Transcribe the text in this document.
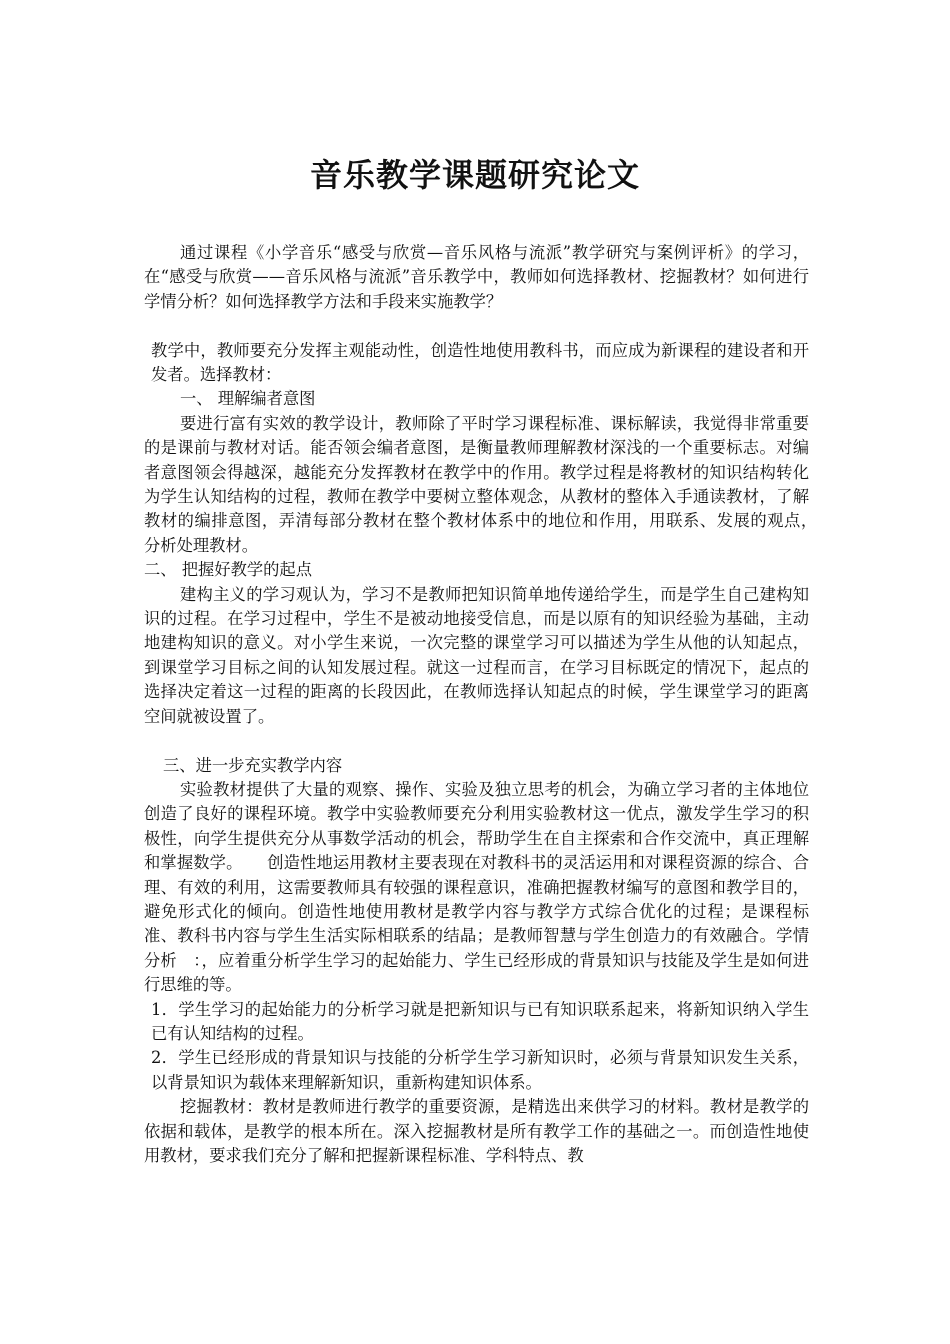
音乐教学课题研究论文

通过课程《小学音乐“感受与欣赏—音乐风格与流派”教学研究与案例评析》的学习，在“感受与欣赏——音乐风格与流派”音乐教学中，教师如何选择教材、挖掘教材？如何进行学情分析？如何选择教学方法和手段来实施教学？

教学中，教师要充分发挥主观能动性，创造性地使用教科书，而应成为新课程的建设者和开发者。选择教材：

一、 理解编者意图

要进行富有实效的教学设计，教师除了平时学习课程标准、课标解读，我觉得非常重要的是课前与教材对话。能否领会编者意图，是衡量教师理解教材深浅的一个重要标志。对编者意图领会得越深，越能充分发挥教材在教学中的作用。教学过程是将教材的知识结构转化为学生认知结构的过程，教师在教学中要树立整体观念，从教材的整体入手通读教材，了解教材的编排意图，弄清每部分教材在整个教材体系中的地位和作用，用联系、发展的观点，　分析处理教材。

二、 把握好教学的起点

建构主义的学习观认为，学习不是教师把知识简单地传递给学生，而是学生自己建构知识的过程。在学习过程中，学生不是被动地接受信息，而是以原有的知识经验为基础，主动地建构知识的意义。对小学生来说，一次完整的课堂学习可以描述为学生从他的认知起点，到课堂学习目标之间的认知发展过程。就这一过程而言，在学习目标既定的情况下，起点的选择决定着这一过程的距离的长段因此，在教师选择认知起点的时候，学生课堂学习的距离空间就被设置了。

三、进一步充实教学内容

实验教材提供了大量的观察、操作、实验及独立思考的机会，为确立学习者的主体地位创造了良好的课程环境。教学中实验教师要充分利用实验教材这一优点，激发学生学习的积极性，向学生提供充分从事数学活动的机会，帮助学生在自主探索和合作交流中，真正理解和掌握数学。　　创造性地运用教材主要表现在对教科书的灵活运用和对课程资源的综合、合理、有效的利用，这需要教师具有较强的课程意识，准确把握教材编写的意图和教学目的，避免形式化的倾向。创造性地使用教材是教学内容与教学方式综合优化的过程；是课程标准、教科书内容与学生生活实际相联系的结晶；是教师智慧与学生创造力的有效融合。学情分析　：，应着重分析学生学习的起始能力、学生已经形成的背景知识与技能及学生是如何进行思维的等。

1．学生学习的起始能力的分析学习就是把新知识与已有知识联系起来，将新知识纳入学生已有认知结构的过程。

2．学生已经形成的背景知识与技能的分析学生学习新知识时，必须与背景知识发生关系，以背景知识为载体来理解新知识，重新构建知识体系。

挖掘教材：教材是教师进行教学的重要资源，是精选出来供学习的材料。教材是教学的依据和载体，是教学的根本所在。深入挖掘教材是所有教学工作的基础之一。而创造性地使用教材，要求我们充分了解和把握新课程标准、学科特点、教
